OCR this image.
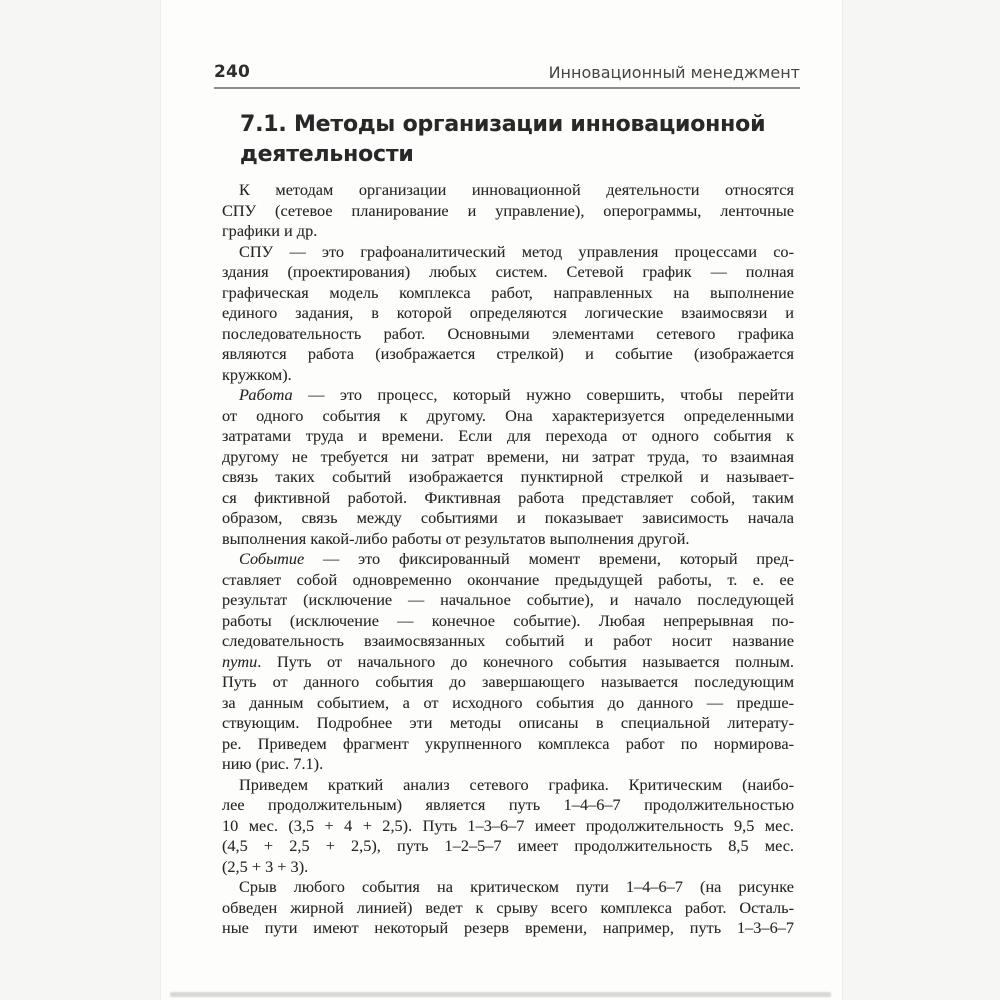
240	Инновационный менеджмент
7.1. Методы организации инновационной
деятельности
К методам организации инновационной деятельности относятся
СПУ (сетевое планирование и управление), оперограммы, ленточные
графики и др.
СПУ — это графоаналитический метод управления процессами со-
здания (проектирования) любых систем. Сетевой график — полная
графическая модель комплекса работ, направленных на выполнение
единого задания, в которой определяются логические взаимосвязи и
последовательность работ. Основными элементами сетевого графика
являются работа (изображается стрелкой) и событие (изображается
кружком).
Работа — это процесс, который нужно совершить, чтобы перейти
от одного события к другому. Она характеризуется определенными
затратами труда и времени. Если для перехода от одного события к
другому не требуется ни затрат времени, ни затрат труда, то взаимная
связь таких событий изображается пунктирной стрелкой и называет-
ся фиктивной работой. Фиктивная работа представляет собой, таким
образом, связь между событиями и показывает зависимость начала
выполнения какой-либо работы от результатов выполнения другой.
Событие — это фиксированный момент времени, который пред-
ставляет собой одновременно окончание предыдущей работы, т. е. ее
результат (исключение — начальное событие), и начало последующей
работы (исключение — конечное событие). Любая непрерывная по-
следовательность взаимосвязанных событий и работ носит название
пути. Путь от начального до конечного события называется полным.
Путь от данного события до завершающего называется последующим
за данным событием, а от исходного события до данного — предше-
ствующим. Подробнее эти методы описаны в специальной литерату-
ре. Приведем фрагмент укрупненного комплекса работ по нормирова-
нию (рис. 7.1).
Приведем краткий анализ сетевого графика. Критическим (наибо-
лее продолжительным) является путь 1–4–6–7 продолжительностью
10 мес. (3,5 + 4 + 2,5). Путь 1–3–6–7 имеет продолжительность 9,5 мес.
(4,5 + 2,5 + 2,5), путь 1–2–5–7 имеет продолжительность 8,5 мес.
(2,5 + 3 + 3).
Срыв любого события на критическом пути 1–4–6–7 (на рисунке
обведен жирной линией) ведет к срыву всего комплекса работ. Осталь-
ные пути имеют некоторый резерв времени, например, путь 1–3–6–7
